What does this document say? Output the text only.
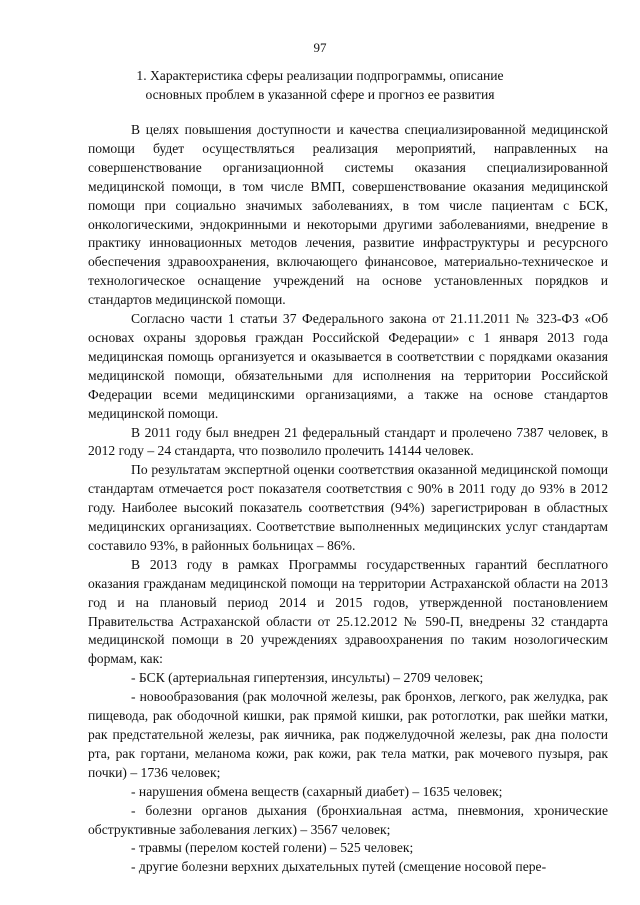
97
1. Характеристика сферы реализации подпрограммы, описание
основных проблем в указанной сфере и прогноз ее развития

В целях повышения доступности и качества специализированной медицинской помощи будет осуществляться реализация мероприятий, направленных на совершенствование организационной системы оказания специализированной медицинской помощи, в том числе ВМП, совершенствование оказания медицинской помощи при социально значимых заболеваниях, в том числе пациентам с БСК, онкологическими, эндокринными и некоторыми другими заболеваниями, внедрение в практику инновационных методов лечения, развитие инфраструктуры и ресурсного обеспечения здравоохранения, включающего финансовое, материально-техническое и технологическое оснащение учреждений на основе установленных порядков и стандартов медицинской помощи.

Согласно части 1 статьи 37 Федерального закона от 21.11.2011 № 323-ФЗ «Об основах охраны здоровья граждан Российской Федерации» с 1 января 2013 года медицинская помощь организуется и оказывается в соответствии с порядками оказания медицинской помощи, обязательными для исполнения на территории Российской Федерации всеми медицинскими организациями, а также на основе стандартов медицинской помощи.

В 2011 году был внедрен 21 федеральный стандарт и пролечено 7387 человек, в 2012 году – 24 стандарта, что позволило пролечить 14144 человек.

По результатам экспертной оценки соответствия оказанной медицинской помощи стандартам отмечается рост показателя соответствия с 90% в 2011 году до 93% в 2012 году. Наиболее высокий показатель соответствия (94%) зарегистрирован в областных медицинских организациях. Соответствие выполненных медицинских услуг стандартам составило 93%, в районных больницах – 86%.

В 2013 году в рамках Программы государственных гарантий бесплатного оказания гражданам медицинской помощи на территории Астраханской области на 2013 год и на плановый период 2014 и 2015 годов, утвержденной постановлением Правительства Астраханской области от 25.12.2012 № 590-П, внедрены 32 стандарта медицинской помощи в 20 учреждениях здравоохранения по таким нозологическим формам, как:

- БСК (артериальная гипертензия, инсульты) – 2709 человек;

- новообразования (рак молочной железы, рак бронхов, легкого, рак желудка, рак пищевода, рак ободочной кишки, рак прямой кишки, рак ротоглотки, рак шейки матки, рак предстательной железы, рак яичника, рак поджелудочной железы, рак дна полости рта, рак гортани, меланома кожи, рак кожи, рак тела матки, рак мочевого пузыря, рак почки) – 1736 человек;

- нарушения обмена веществ (сахарный диабет) – 1635 человек;

- болезни органов дыхания (бронхиальная астма, пневмония, хронические обструктивные заболевания легких) – 3567 человек;

- травмы (перелом костей голени) – 525 человек;

- другие болезни верхних дыхательных путей (смещение носовой пере-
